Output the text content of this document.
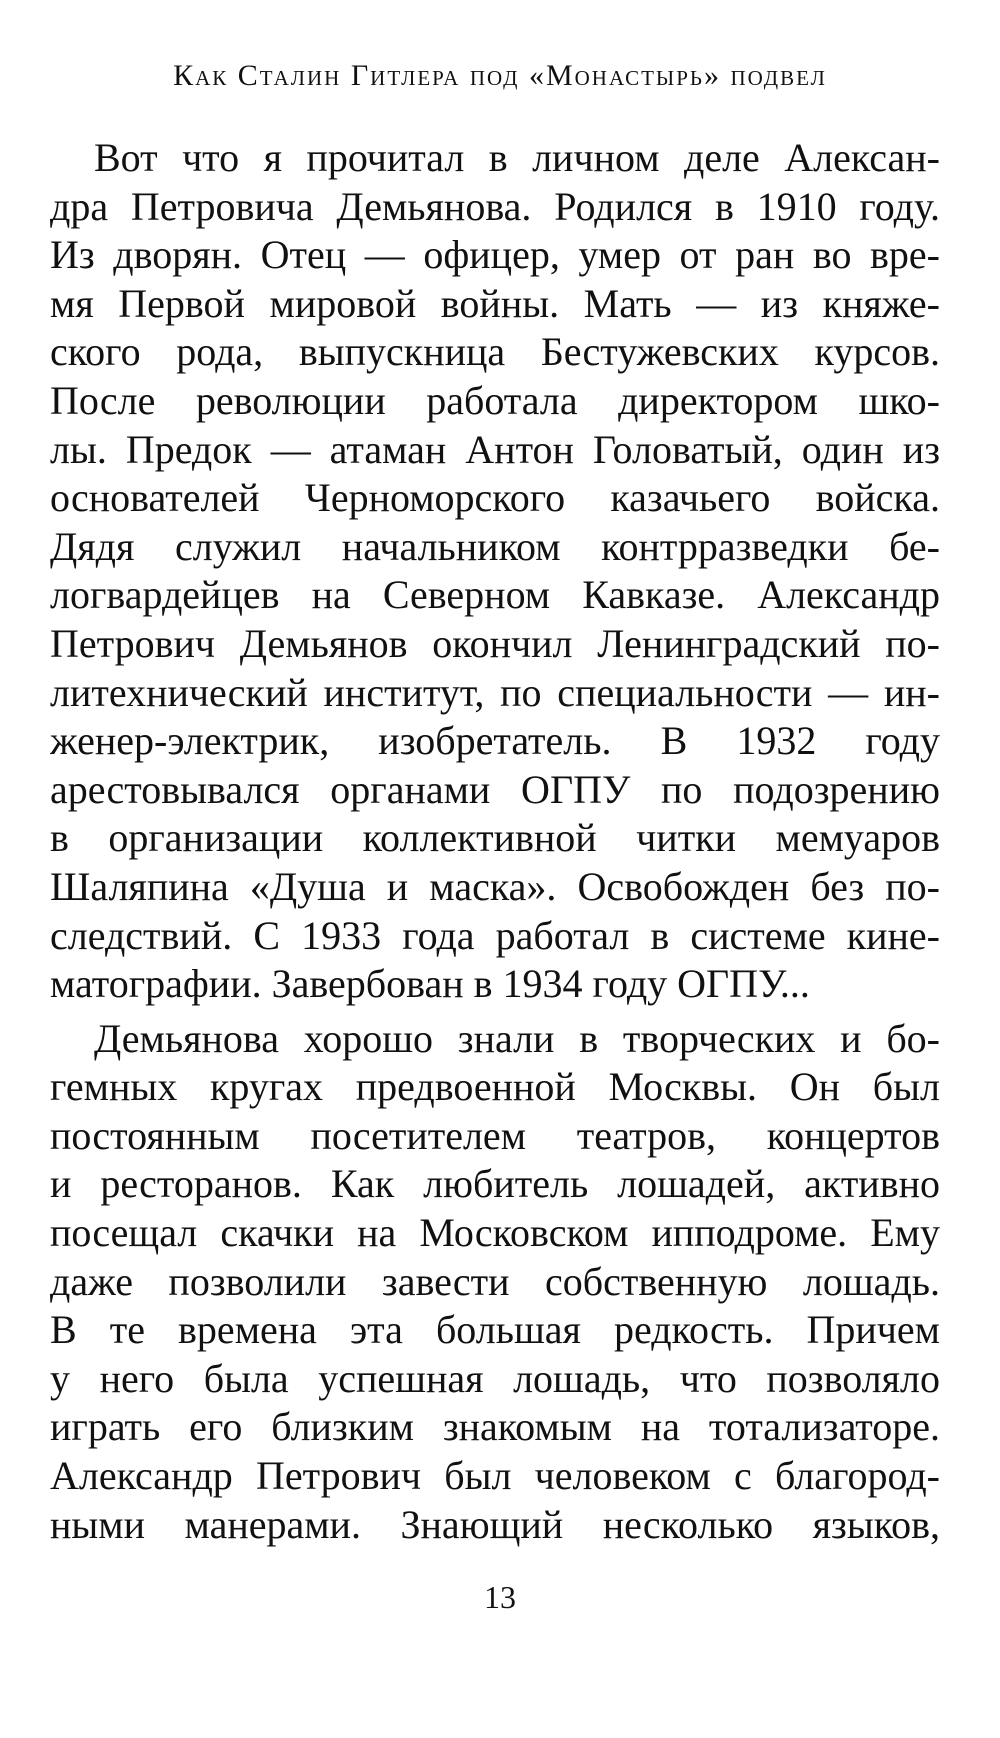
Как Сталин Гитлера под «Монастырь» подвел
Вот что я прочитал в личном деле Алексан-
дра Петровича Демьянова. Родился в 1910 году.
Из дворян. Отец — офицер, умер от ран во вре-
мя Первой мировой войны. Мать — из княже-
ского рода, выпускница Бестужевских курсов.
После революции работала директором шко-
лы. Предок — атаман Антон Головатый, один из
основателей Черноморского казачьего войска.
Дядя служил начальником контрразведки бе-
логвардейцев на Северном Кавказе. Александр
Петрович Демьянов окончил Ленинградский по-
литехнический институт, по специальности — ин-
женер-электрик, изобретатель. В 1932 году
арестовывался органами ОГПУ по подозрению
в организации коллективной читки мемуаров
Шаляпина «Душа и маска». Освобожден без по-
следствий. С 1933 года работал в системе кине-
матографии. Завербован в 1934 году ОГПУ...
Демьянова хорошо знали в творческих и бо-
гемных кругах предвоенной Москвы. Он был
постоянным посетителем театров, концертов
и ресторанов. Как любитель лошадей, активно
посещал скачки на Московском ипподроме. Ему
даже позволили завести собственную лошадь.
В те времена эта большая редкость. Причем
у него была успешная лошадь, что позволяло
играть его близким знакомым на тотализаторе.
Александр Петрович был человеком с благород-
ными манерами. Знающий несколько языков,
13
